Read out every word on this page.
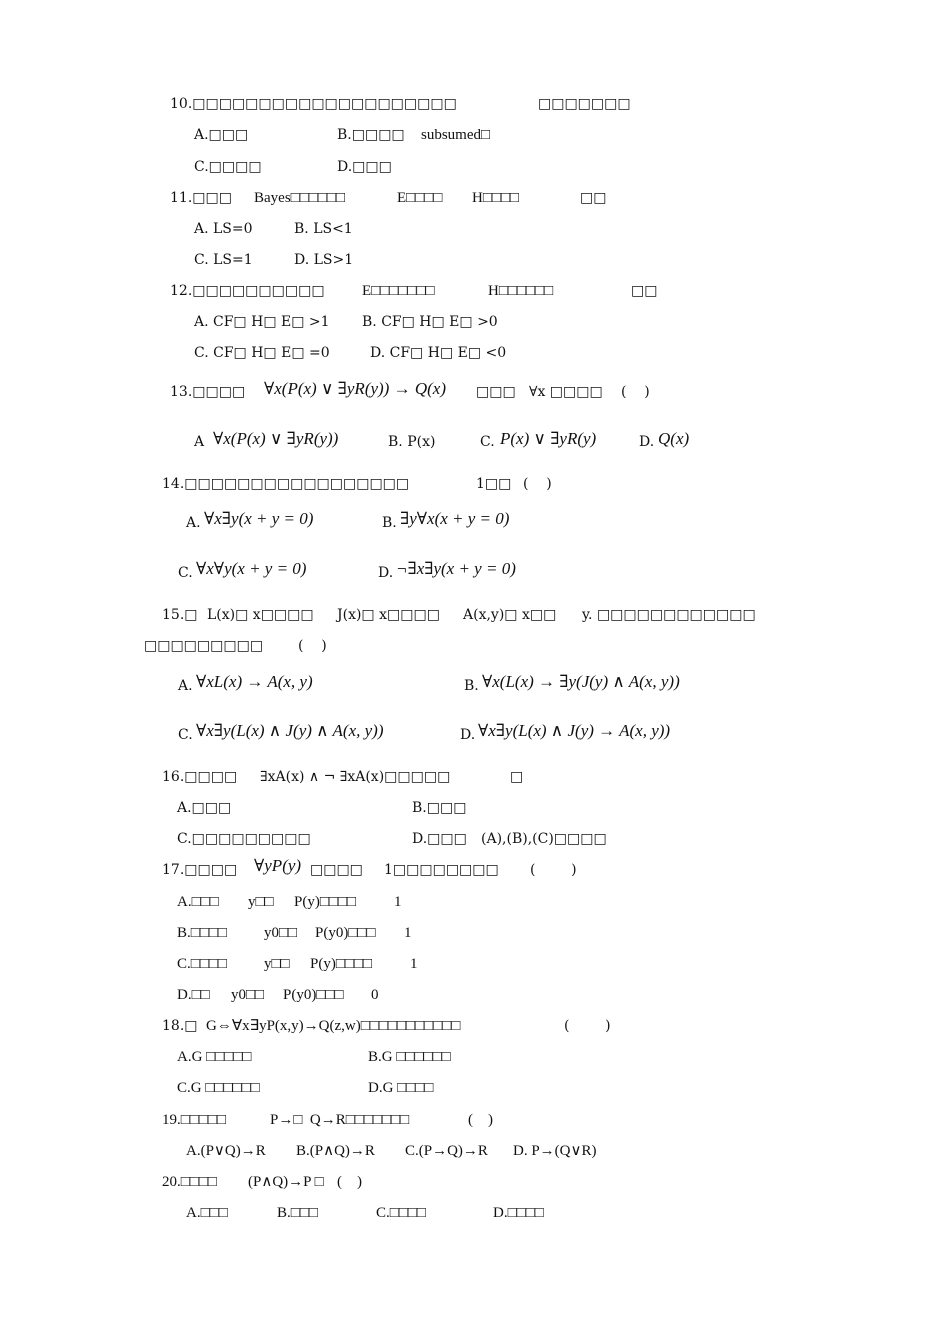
10.□□□□□□□□□□□□□□□□□□□□	□□□□□□□
A.□□□	B.□□□□ subsumed□
C.□□□□	D.□□□
11.□□□ Bayes□□□□□□	E□□□□ H□□□□	□□
A. LS=0	B. LS<1
C. LS=1	D. LS>1
12.□□□□□□□□□□ E□□□□□□□	H□□□□□□	□□
A. CF□ H□ E□ >1 B. CF□ H□ E□ >0
C. CF□ H□ E□ =0	D. CF□ H□ E□ <0
13.□□□□ ∀x(P(x) ∨ ∃yR(y)) → Q(x) □□□ ∀x □□□□ (    )
A ∀x(P(x) ∨ ∃yR(y))	B. P(x)	C. P(x) ∨ ∃yR(y)	D. Q(x)
14.□□□□□□□□□□□□□□□□□	1□□ (    )
A. ∀x∃y(x + y = 0)	B. ∃y∀x(x + y = 0)
C. ∀x∀y(x + y = 0)	D. ¬∃x∃y(x + y = 0)
15.□ L(x)□ x□□□□ J(x)□ x□□□□ A(x,y)□ x□□ y. □□□□□□□□□□□□
□□□□□□□□□ (    )
A. ∀xL(x) → A(x, y)	B. ∀x(L(x) → ∃y(J(y) ∧ A(x, y))
C. ∀x∃y(L(x) ∧ J(y) ∧ A(x, y))	D. ∀x∃y(L(x) ∧ J(y) → A(x, y))
16.□□□□ ∃xA(x) ∧ ¬ ∃xA(x)□□□□□	□
A.□□□	B.□□□
C.□□□□□□□□□	D.□□□ (A),(B),(C)□□□□
17.□□□□ ∀yP(y) □□□□ 1□□□□□□□□ (        )
A.□□□ y□□ P(y)□□□□	1
B.□□□□ y0□□ P(y0)□□□ 1
C.□□□□ y□□ P(y)□□□□	1
D.□□ y0□□ P(y0)□□□ 0
18.□ G⇔∀x∃yP(x,y)→Q(z,w)□□□□□□□□□□□	(        )
A.G □□□□□	B.G □□□□□□
C.G □□□□□□	D.G □□□□
19.□□□□□	P→□  Q→R□□□□□□□	(    )
A.(P∨Q)→R B.(P∧Q)→R C.(P→Q)→R D. P→(Q∨R)
20.□□□□ (P∧Q)→P □ (    )
A.□□□	B.□□□	C.□□□□	D.□□□□
